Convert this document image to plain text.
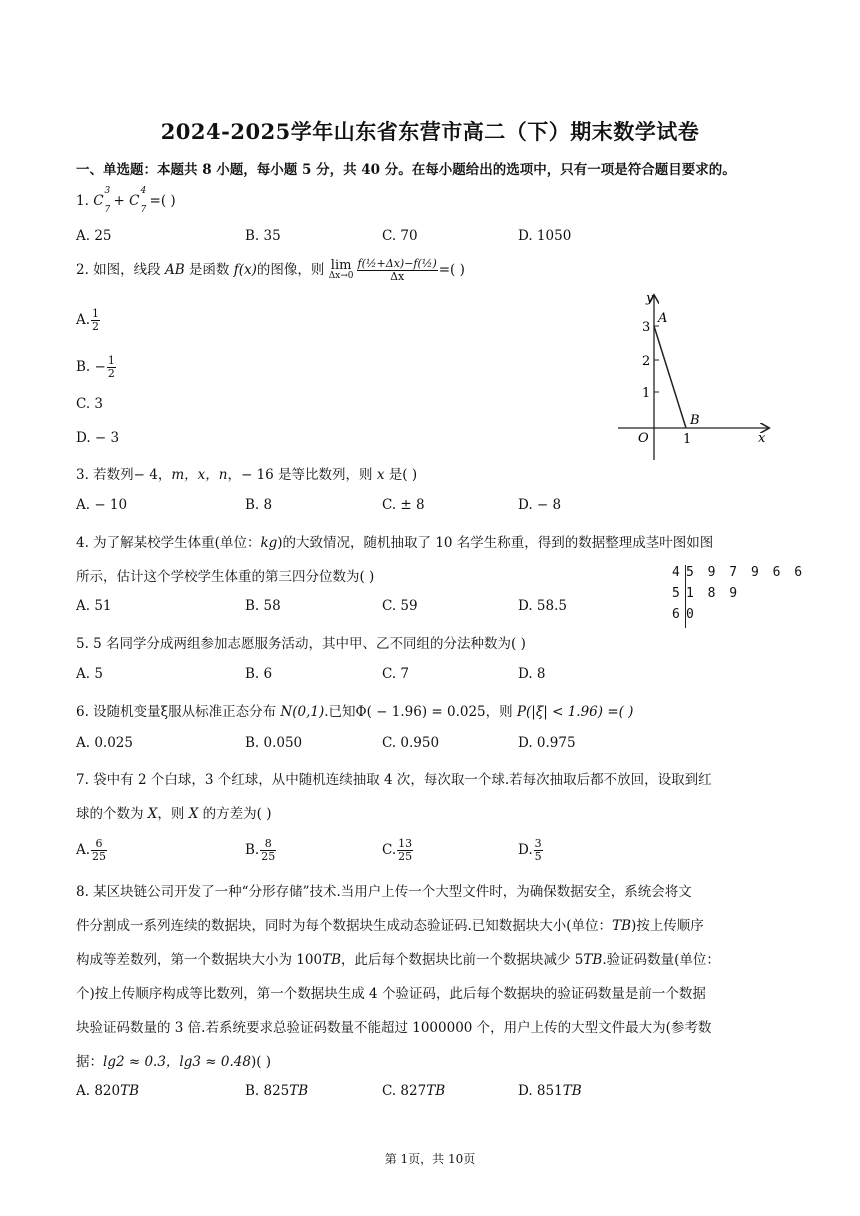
2024-2025学年山东省东营市高二（下）期末数学试卷
一、单选题：本题共 8 小题，每小题 5 分，共 40 分。在每小题给出的选项中，只有一项是符合题目要求的。
1. C
3
$_7$ + C
4
$_7$ =( )
A. 25	B. 35	C. 70	D. 1050
2. 如图，线段 AB 是函数 f(x)的图像，则 lim
$\Delta x\to 0 \frac{\text{f(½+Δx)−f(½)}}{\Delta x}$ =( )
A. $\frac{1}{2}$
B. − $\frac{1}{2}$
C. 3
D. − 3
y
x
O
A
B
3
2
1
1
3. 若数列− 4，m，x，n，− 16 是等比数列，则 x 是( )
A. − 10	B. 8	C. ± 8	D. − 8
4. 为了解某校学生体重(单位：kg)的大致情况，随机抽取了 10 名学生称重，得到的数据整理成茎叶图如图
所示，估计这个学校学生体重的第三四分位数为( )
A. 51	B. 58	C. 59	D. 58.5
4 5 9 7 9 6 6
5 1 8 9
6 0
5. 5 名同学分成两组参加志愿服务活动，其中甲、乙不同组的分法种数为( )
A. 5	B. 6	C. 7	D. 8
6. 设随机变量ξ服从标准正态分布 N(0,1).已知Φ( − 1.96) = 0.025，则 P(|ξ| < 1.96) =( )
A. 0.025	B. 0.050	C. 0.950	D. 0.975
7. 袋中有 2 个白球，3 个红球，从中随机连续抽取 4 次，每次取一个球.若每次抽取后都不放回，设取到红
球的个数为 X，则 X 的方差为( )
A. $\frac{6}{25}$	B. $\frac{8}{25}$	C. $\frac{13}{25}$	D. $\frac{3}{5}$
8. 某区块链公司开发了一种“分形存储”技术.当用户上传一个大型文件时，为确保数据安全，系统会将文
件分割成一系列连续的数据块，同时为每个数据块生成动态验证码.已知数据块大小(单位：TB)按上传顺序
构成等差数列，第一个数据块大小为 100TB，此后每个数据块比前一个数据块减少 5TB.验证码数量(单位：
个)按上传顺序构成等比数列，第一个数据块生成 4 个验证码，此后每个数据块的验证码数量是前一个数据
块验证码数量的 3 倍.若系统要求总验证码数量不能超过 1000000 个，用户上传的大型文件最大为(参考数
据：lg2 ≈ 0.3，lg3 ≈ 0.48)( )
A. 820TB	B. 825TB	C. 827TB	D. 851TB
第 1页，共 10页
